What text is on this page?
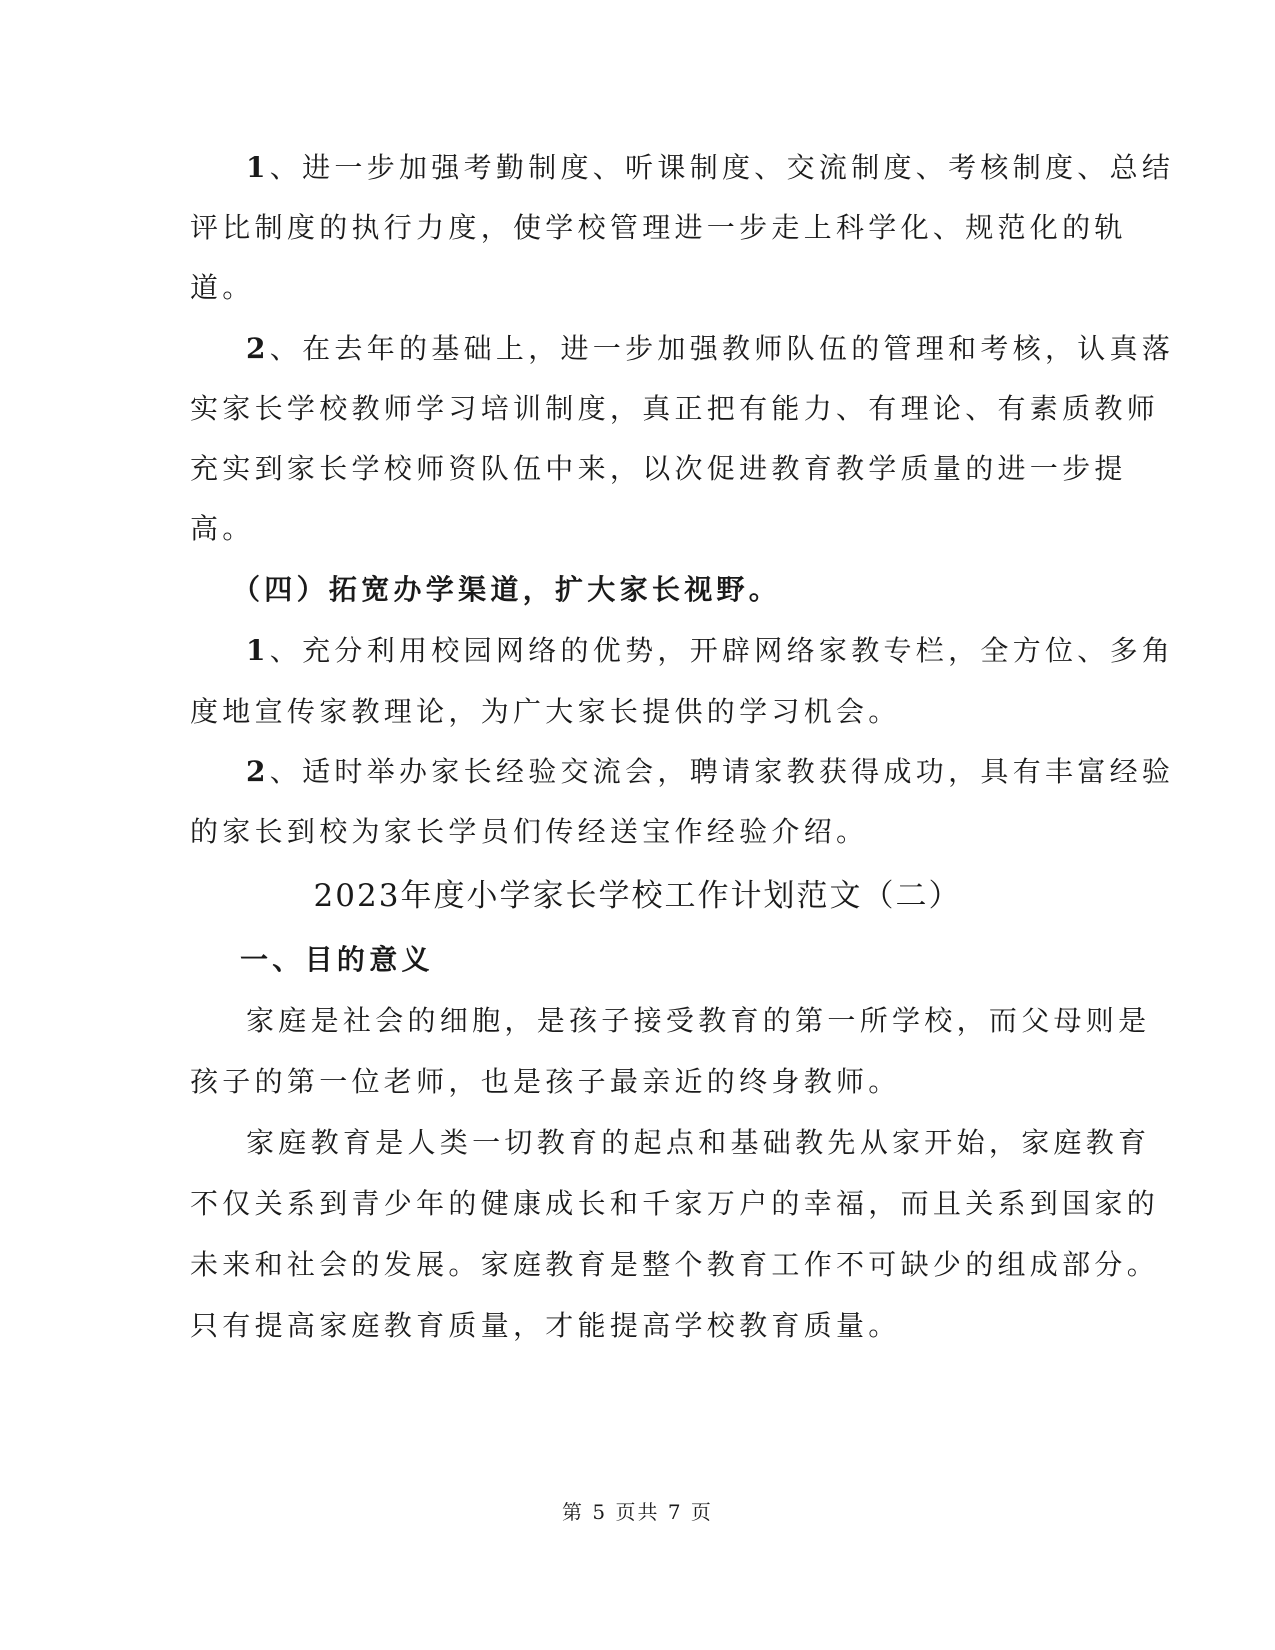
1、进一步加强考勤制度、听课制度、交流制度、考核制度、总结
评比制度的执行力度，使学校管理进一步走上科学化、规范化的轨
道。
2、在去年的基础上，进一步加强教师队伍的管理和考核，认真落
实家长学校教师学习培训制度，真正把有能力、有理论、有素质教师
充实到家长学校师资队伍中来，以次促进教育教学质量的进一步提
高。
（四）拓宽办学渠道，扩大家长视野。
1、充分利用校园网络的优势，开辟网络家教专栏，全方位、多角
度地宣传家教理论，为广大家长提供的学习机会。
2、适时举办家长经验交流会，聘请家教获得成功，具有丰富经验
的家长到校为家长学员们传经送宝作经验介绍。
2023年度小学家长学校工作计划范文（二）
一、目的意义
家庭是社会的细胞，是孩子接受教育的第一所学校，而父母则是
孩子的第一位老师，也是孩子最亲近的终身教师。
家庭教育是人类一切教育的起点和基础教先从家开始，家庭教育
不仅关系到青少年的健康成长和千家万户的幸福，而且关系到国家的
未来和社会的发展。家庭教育是整个教育工作不可缺少的组成部分。
只有提高家庭教育质量，才能提高学校教育质量。
第 5 页共 7 页
